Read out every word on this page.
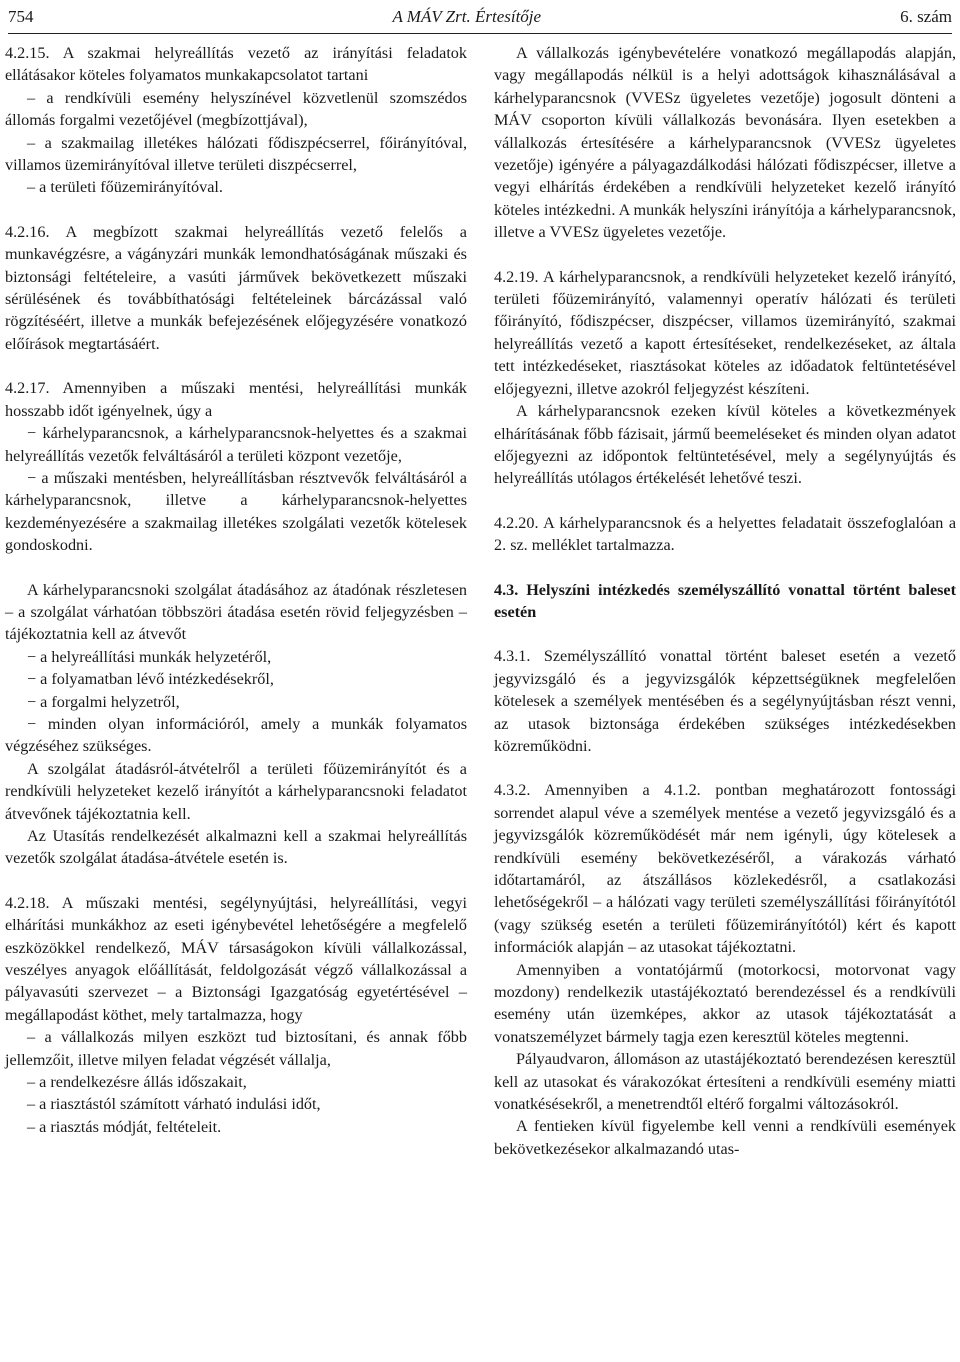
754	A MÁV Zrt. Értesítője	6. szám

4.2.15. A szakmai helyreállítás vezető az irányítási feladatok ellátásakor köteles folyamatos munkakapcsolatot tartani

– a rendkívüli esemény helyszínével közvetlenül szomszédos állomás forgalmi vezetőjével (megbízottjával),

– a szakmailag illetékes hálózati fődiszpécserrel, főirányítóval, villamos üzemirányítóval illetve területi diszpécserrel,

– a területi főüzemirányítóval.

4.2.16. A megbízott szakmai helyreállítás vezető felelős a munkavégzésre, a vágányzári munkák lemondhatóságának műszaki és biztonsági feltételeire, a vasúti járművek bekövetkezett műszaki sérülésének és továbbíthatósági feltételeinek bárcázással való rögzítéséért, illetve a munkák befejezésének előjegyzésére vonatkozó előírások megtartásáért.

4.2.17. Amennyiben a műszaki mentési, helyreállítási munkák hosszabb időt igényelnek, úgy a

− kárhelyparancsnok, a kárhelyparancsnok-helyettes és a szakmai helyreállítás vezetők felváltásáról a területi központ vezetője,

− a műszaki mentésben, helyreállításban résztvevők felváltásáról a kárhelyparancsnok, illetve a kárhelyparancsnok-helyettes kezdeményezésére a szakmailag illetékes szolgálati vezetők kötelesek gondoskodni.

A kárhelyparancsnoki szolgálat átadásához az átadónak részletesen – a szolgálat várhatóan többszöri átadása esetén rövid feljegyzésben – tájékoztatnia kell az átvevőt

− a helyreállítási munkák helyzetéről,

− a folyamatban lévő intézkedésekről,

− a forgalmi helyzetről,

− minden olyan információról, amely a munkák folyamatos végzéséhez szükséges.

A szolgálat átadásról-átvételről a területi főüzemirányítót és a rendkívüli helyzeteket kezelő irányítót a kárhelyparancsnoki feladatot átvevőnek tájékoztatnia kell.

Az Utasítás rendelkezését alkalmazni kell a szakmai helyreállítás vezetők szolgálat átadása-átvétele esetén is.

4.2.18. A műszaki mentési, segélynyújtási, helyreállítási, vegyi elhárítási munkákhoz az eseti igénybevétel lehetőségére a megfelelő eszközökkel rendelkező, MÁV társaságokon kívüli vállalkozással, veszélyes anyagok előállítását, feldolgozását végző vállalkozással a pályavasúti szervezet – a Biztonsági Igazgatóság egyetértésével – megállapodást köthet, mely tartalmazza, hogy

– a vállalkozás milyen eszközt tud biztosítani, és annak főbb jellemzőit, illetve milyen feladat végzését vállalja,

– a rendelkezésre állás időszakait,

– a riasztástól számított várható indulási időt,

– a riasztás módját, feltételeit.

A vállalkozás igénybevételére vonatkozó megállapodás alapján, vagy megállapodás nélkül is a helyi adottságok kihasználásával a kárhelyparancsnok (VVESz ügyeletes vezetője) jogosult dönteni a MÁV csoporton kívüli vállalkozás bevonására. Ilyen esetekben a vállalkozás értesítésére a kárhelyparancsnok (VVESz ügyeletes vezetője) igényére a pályagazdálkodási hálózati fődiszpécser, illetve a vegyi elhárítás érdekében a rendkívüli helyzeteket kezelő irányító köteles intézkedni. A munkák helyszíni irányítója a kárhelyparancsnok, illetve a VVESz ügyeletes vezetője.

4.2.19. A kárhelyparancsnok, a rendkívüli helyzeteket kezelő irányító, területi főüzemirányító, valamennyi operatív hálózati és területi főirányító, fődiszpécser, diszpécser, villamos üzemirányító, szakmai helyreállítás vezető a kapott értesítéseket, rendelkezéseket, az általa tett intézkedéseket, riasztásokat köteles az időadatok feltüntetésével előjegyezni, illetve azokról feljegyzést készíteni.

A kárhelyparancsnok ezeken kívül köteles a következmények elhárításának főbb fázisait, jármű beemeléseket és minden olyan adatot előjegyezni az időpontok feltüntetésével, mely a segélynyújtás és helyreállítás utólagos értékelését lehetővé teszi.

4.2.20. A kárhelyparancsnok és a helyettes feladatait összefoglalóan a 2. sz. melléklet tartalmazza.

4.3. Helyszíni intézkedés személyszállító vonattal történt baleset esetén

4.3.1. Személyszállító vonattal történt baleset esetén a vezető jegyvizsgáló és a jegyvizsgálók képzettségüknek megfelelően kötelesek a személyek mentésében és a segélynyújtásban részt venni, az utasok biztonsága érdekében szükséges intézkedésekben közreműködni.

4.3.2. Amennyiben a 4.1.2. pontban meghatározott fontossági sorrendet alapul véve a személyek mentése a vezető jegyvizsgáló és a jegyvizsgálók közreműködését már nem igényli, úgy kötelesek a rendkívüli esemény bekövetkezéséről, a várakozás várható időtartamáról, az átszállásos közlekedésről, a csatlakozási lehetőségekről – a hálózati vagy területi személyszállítási főirányítótól (vagy szükség esetén a területi főüzemirányítótól) kért és kapott információk alapján – az utasokat tájékoztatni.

Amennyiben a vontatójármű (motorkocsi, motorvonat vagy mozdony) rendelkezik utastájékoztató berendezéssel és a rendkívüli esemény után üzemképes, akkor az utasok tájékoztatását a vonatszemélyzet bármely tagja ezen keresztül köteles megtenni.

Pályaudvaron, állomáson az utastájékoztató berendezésen keresztül kell az utasokat és várakozókat értesíteni a rendkívüli esemény miatti vonatkésésekről, a menetrendtől eltérő forgalmi változásokról.

A fentieken kívül figyelembe kell venni a rendkívüli események bekövetkezésekor alkalmazandó utas-
